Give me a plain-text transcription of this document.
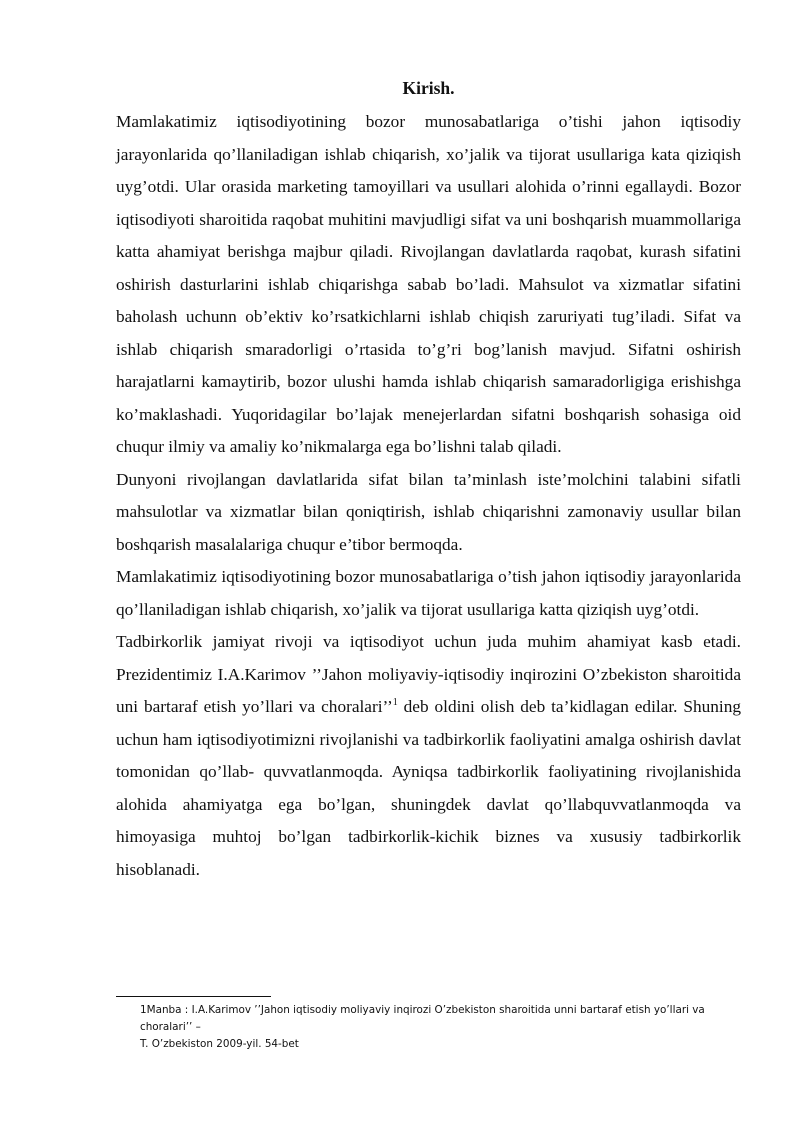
Kirish.

Mamlakatimiz iqtisodiyotining bozor munosabatlariga o’tishi jahon iqtisodiy jarayonlarida qo’llaniladigan ishlab chiqarish, xo’jalik va tijorat usullariga kata qiziqish uyg’otdi. Ular orasida marketing tamoyillari va usullari alohida o’rinni egallaydi. Bozor iqtisodiyoti sharoitida raqobat muhitini mavjudligi sifat va uni boshqarish muammollariga katta ahamiyat berishga majbur qiladi. Rivojlangan davlatlarda raqobat, kurash sifatini oshirish dasturlarini ishlab chiqarishga sabab bo’ladi. Mahsulot va xizmatlar sifatini baholash uchunn ob’ektiv ko’rsatkichlarni ishlab chiqish zaruriyati tug’iladi. Sifat va ishlab chiqarish smaradorligi o’rtasida to’g’ri bog’lanish mavjud. Sifatni oshirish harajatlarni kamaytirib, bozor ulushi hamda ishlab chiqarish samaradorligiga erishishga ko’maklashadi. Yuqoridagilar bo’lajak menejerlardan sifatni boshqarish sohasiga oid chuqur ilmiy va amaliy ko’nikmalarga ega bo’lishni talab qiladi.

Dunyoni rivojlangan davlatlarida sifat bilan ta’minlash iste’molchini talabini sifatli mahsulotlar va xizmatlar bilan qoniqtirish, ishlab chiqarishni zamonaviy usullar bilan boshqarish masalalariga chuqur e’tibor bermoqda.

Mamlakatimiz iqtisodiyotining bozor munosabatlariga o’tish jahon iqtisodiy jarayonlarida qo’llaniladigan ishlab chiqarish, xo’jalik va tijorat usullariga katta qiziqish uyg’otdi.

Tadbirkorlik jamiyat rivoji va iqtisodiyot uchun juda muhim ahamiyat kasb etadi. Prezidentimiz I.A.Karimov ’’Jahon moliyaviy-iqtisodiy inqirozini O’zbekiston sharoitida uni bartaraf etish yo’llari va choralari’’$^1$ deb oldini olish deb ta’kidlagan edilar. Shuning uchun ham iqtisodiyotimizni rivojlanishi va tadbirkorlik faoliyatini amalga oshirish davlat tomonidan qo’llab- quvvatlanmoqda. Ayniqsa tadbirkorlik faoliyatining rivojlanishida alohida ahamiyatga ega bo’lgan, shuningdek davlat qo’llabquvvatlanmoqda va himoyasiga muhtoj bo’lgan tadbirkorlik-kichik biznes va xususiy tadbirkorlik hisoblanadi.

1Manba : I.A.Karimov ’’Jahon iqtisodiy moliyaviy inqirozi O’zbekiston sharoitida unni bartaraf etish yo’llari va choralari’’ –
T. O’zbekiston 2009-yil. 54-bet
